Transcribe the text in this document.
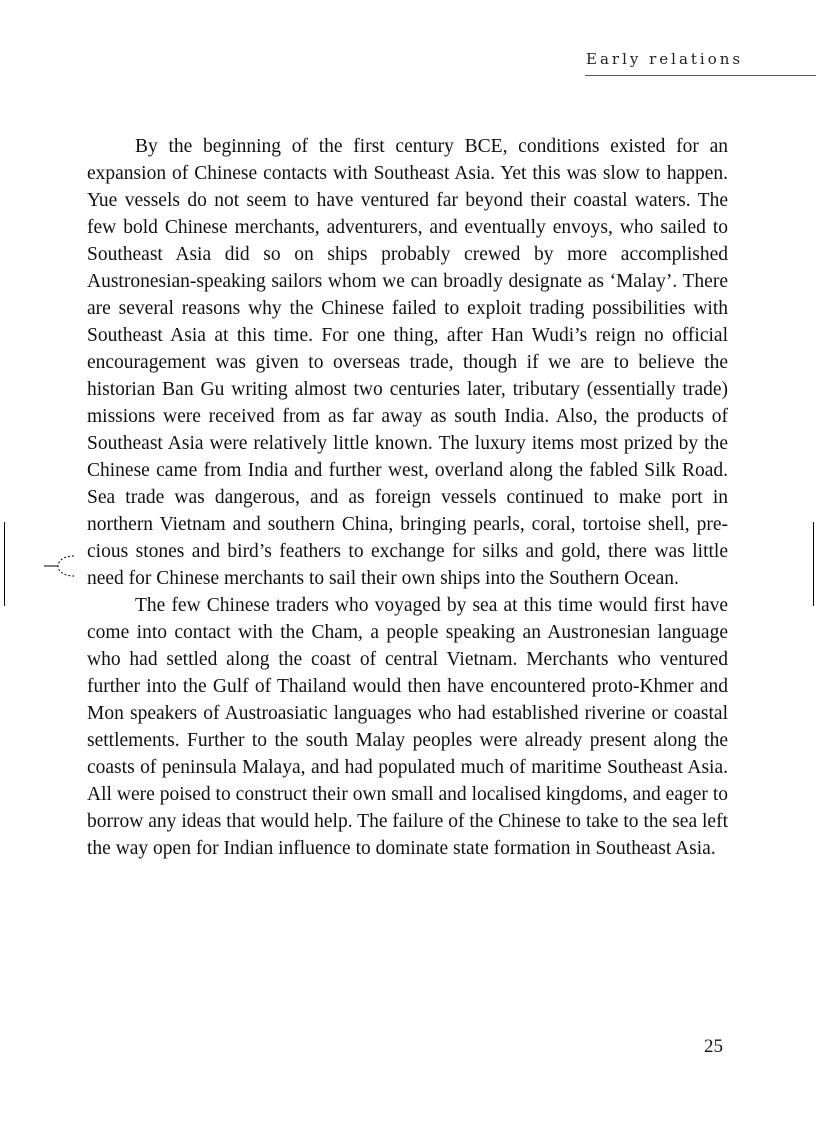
Early relations

By the beginning of the first century BCE, conditions existed for an expansion of Chinese contacts with Southeast Asia. Yet this was slow to happen. Yue vessels do not seem to have ventured far beyond their coastal waters. The few bold Chinese merchants, adventurers, and eventually envoys, who sailed to Southeast Asia did so on ships probably crewed by more accomplished Austronesian-speaking sailors whom we can broadly designate as ‘Malay’. There are several reasons why the Chinese failed to exploit trading possibilities with Southeast Asia at this time. For one thing, after Han Wudi’s reign no official encouragement was given to overseas trade, though if we are to believe the historian Ban Gu writing almost two centuries later, tributary (essentially trade) missions were received from as far away as south India. Also, the products of Southeast Asia were relatively little known. The luxury items most prized by the Chinese came from India and further west, overland along the fabled Silk Road. Sea trade was dangerous, and as foreign vessels continued to make port in northern Vietnam and southern China, bringing pearls, coral, tortoise shell, precious stones and bird’s feathers to exchange for silks and gold, there was little need for Chinese merchants to sail their own ships into the Southern Ocean.

The few Chinese traders who voyaged by sea at this time would first have come into contact with the Cham, a people speaking an Austronesian language who had settled along the coast of central Vietnam. Merchants who ventured further into the Gulf of Thailand would then have encountered proto-Khmer and Mon speakers of Austroasiatic languages who had established riverine or coastal settlements. Further to the south Malay peoples were already present along the coasts of peninsula Malaya, and had populated much of maritime Southeast Asia. All were poised to construct their own small and localised kingdoms, and eager to borrow any ideas that would help. The failure of the Chinese to take to the sea left the way open for Indian influence to dominate state formation in Southeast Asia.

25
